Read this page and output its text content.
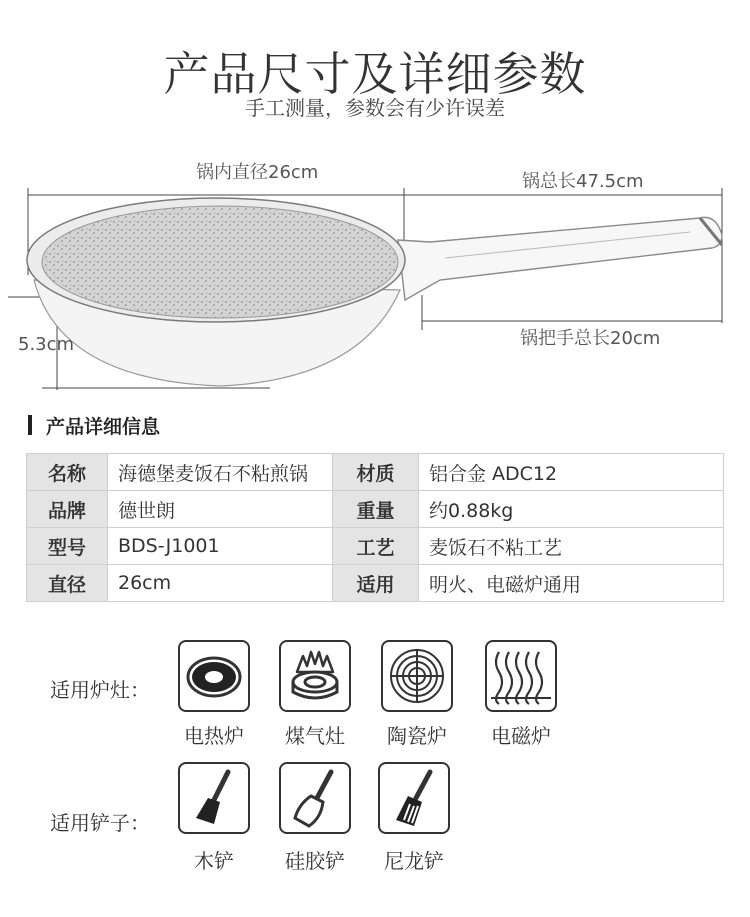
产品尺寸及详细参数
手工测量，参数会有少许误差
锅内直径26cm	锅总长47.5cm
锅把手总长20cm
5.3cm
产品详细信息
名称	海德堡麦饭石不粘煎锅	材质	铝合金 ADC12
品牌	德世朗	重量	约0.88kg
型号	BDS-J1001	工艺	麦饭石不粘工艺
直径	26cm	适用	明火、电磁炉通用
适用炉灶：
电热炉	煤气灶	陶瓷炉	电磁炉
适用铲子：
木铲	硅胶铲	尼龙铲
